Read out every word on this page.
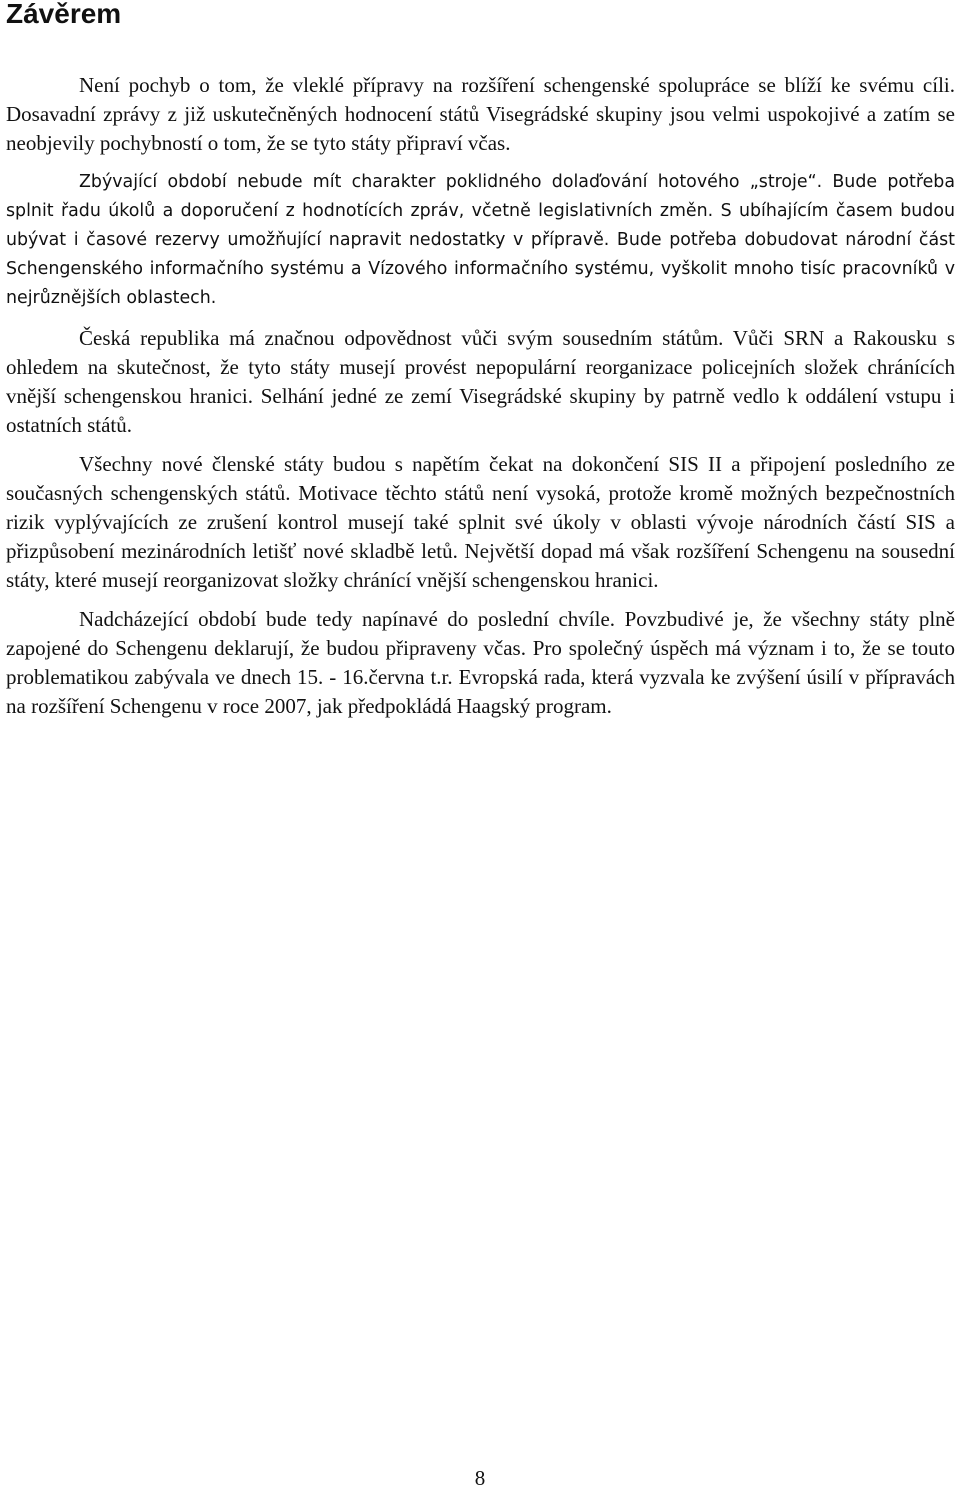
Závěrem

Není pochyb o tom, že vleklé přípravy na rozšíření schengenské spolupráce se blíží ke svému cíli. Dosavadní zprávy z již uskutečněných hodnocení států Visegrádské skupiny jsou velmi uspokojivé a zatím se neobjevily pochybností o tom, že se tyto státy připraví včas.

Zbývající období nebude mít charakter poklidného dolaďování hotového „stroje“. Bude potřeba splnit řadu úkolů a doporučení z hodnotících zpráv, včetně legislativních změn. S ubíhajícím časem budou ubývat i časové rezervy umožňující napravit nedostatky v přípravě. Bude potřeba dobudovat národní část Schengenského informačního systému a Vízového informačního systému, vyškolit mnoho tisíc pracovníků v nejrůznějších oblastech.

Česká republika má značnou odpovědnost vůči svým sousedním státům. Vůči SRN a Rakousku s ohledem na skutečnost, že tyto státy musejí provést nepopulární reorganizace policejních složek chránících vnější schengenskou hranici. Selhání jedné ze zemí Visegrádské skupiny by patrně vedlo k oddálení vstupu i ostatních států.

Všechny nové členské státy budou s napětím čekat na dokončení SIS II a připojení posledního ze současných schengenských států. Motivace těchto států není vysoká, protože kromě možných bezpečnostních rizik vyplývajících ze zrušení kontrol musejí také splnit své úkoly v oblasti vývoje národních částí SIS a přizpůsobení mezinárodních letišť nové skladbě letů. Největší dopad má však rozšíření Schengenu na sousední státy, které musejí reorganizovat složky chránící vnější schengenskou hranici.

Nadcházející období bude tedy napínavé do poslední chvíle. Povzbudivé je, že všechny státy plně zapojené do Schengenu deklarují, že budou připraveny včas. Pro společný úspěch má význam i to, že se touto problematikou zabývala ve dnech 15. - 16.června t.r. Evropská rada, která vyzvala ke zvýšení úsilí v přípravách na rozšíření Schengenu v roce 2007, jak předpokládá Haagský program.

8
